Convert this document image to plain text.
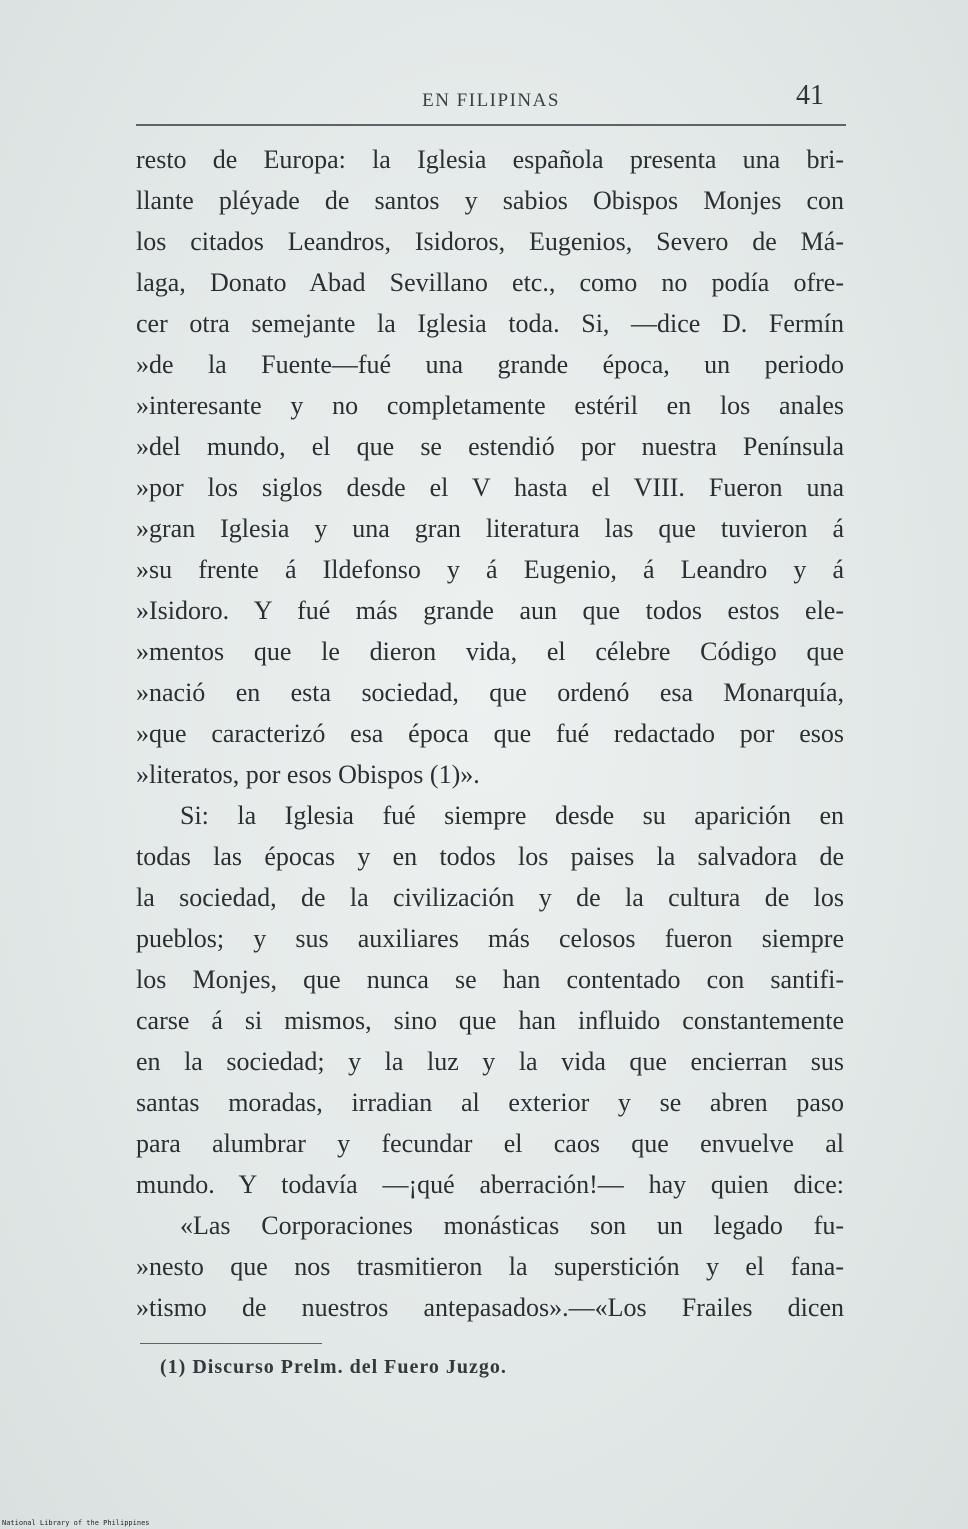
EN FILIPINAS	41
resto de Europa: la Iglesia española presenta una bri-
llante pléyade de santos y sabios Obispos Monjes con
los citados Leandros, Isidoros, Eugenios, Severo de Má-
laga, Donato Abad Sevillano etc., como no podía ofre-
cer otra semejante la Iglesia toda. Si, —dice D. Fermín
»de la Fuente—fué una grande época, un periodo
»interesante y no completamente estéril en los anales
»del mundo, el que se estendió por nuestra Península
»por los siglos desde el V hasta el VIII. Fueron una
»gran Iglesia y una gran literatura las que tuvieron á
»su frente á Ildefonso y á Eugenio, á Leandro y á
»Isidoro. Y fué más grande aun que todos estos ele-
»mentos que le dieron vida, el célebre Código que
»nació en esta sociedad, que ordenó esa Monarquía,
»que caracterizó esa época que fué redactado por esos
»literatos, por esos Obispos (1)».
Si: la Iglesia fué siempre desde su aparición en
todas las épocas y en todos los paises la salvadora de
la sociedad, de la civilización y de la cultura de los
pueblos; y sus auxiliares más celosos fueron siempre
los Monjes, que nunca se han contentado con santifi-
carse á si mismos, sino que han influido constantemente
en la sociedad; y la luz y la vida que encierran sus
santas moradas, irradian al exterior y se abren paso
para alumbrar y fecundar el caos que envuelve al
mundo. Y todavía —¡qué aberración!— hay quien dice:
«Las Corporaciones monásticas son un legado fu-
»nesto que nos trasmitieron la superstición y el fana-
»tismo de nuestros antepasados».—«Los Frailes dicen
(1) Discurso Prelm. del Fuero Juzgo.
National Library of the Philippines
